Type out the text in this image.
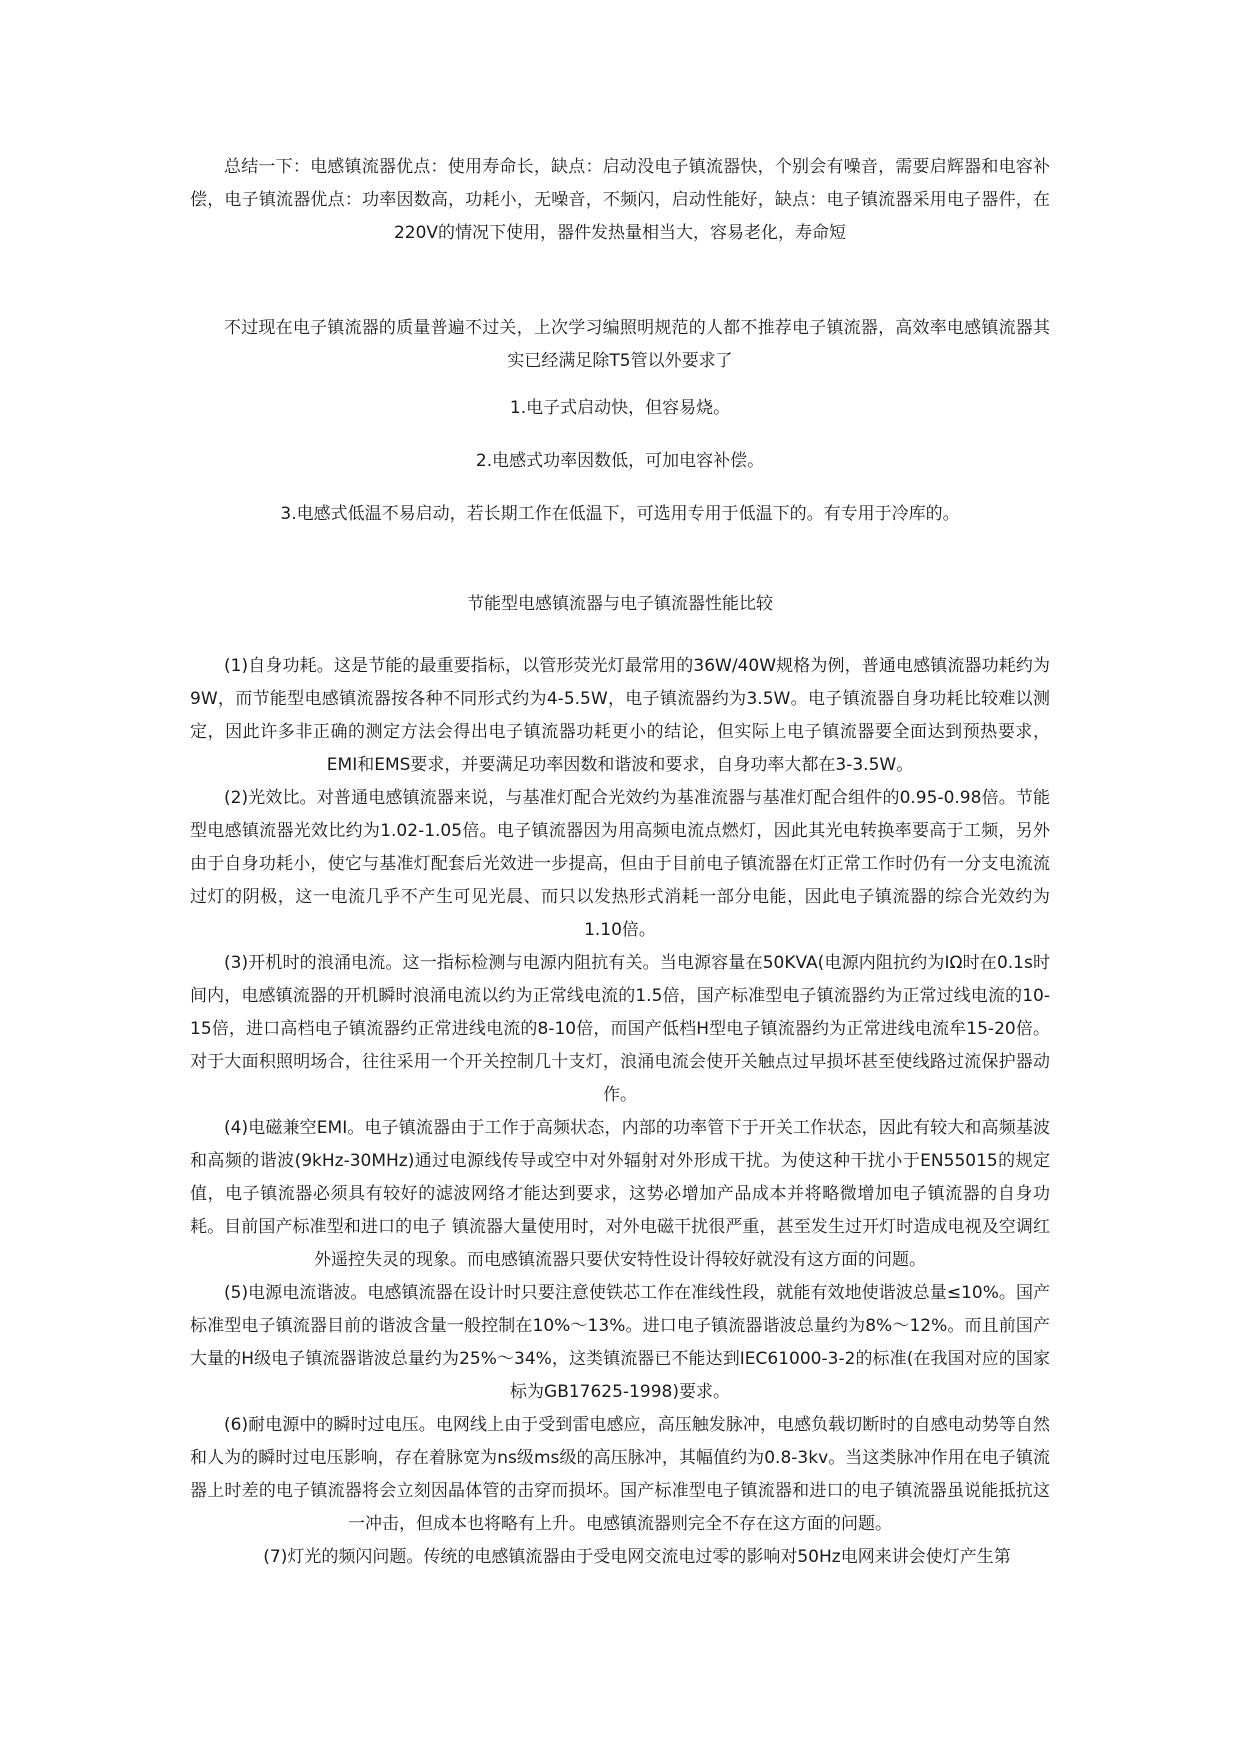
总结一下：电感镇流器优点：使用寿命长，缺点：启动没电子镇流器快，个别会有噪音，需要启辉器和电容补偿，电子镇流器优点：功率因数高，功耗小，无噪音，不频闪，启动性能好，缺点：电子镇流器采用电子器件，在220V的情况下使用，器件发热量相当大，容易老化，寿命短

不过现在电子镇流器的质量普遍不过关，上次学习编照明规范的人都不推荐电子镇流器，高效率电感镇流器其实已经满足除T5管以外要求了

1.电子式启动快，但容易烧。

2.电感式功率因数低，可加电容补偿。

3.电感式低温不易启动，若长期工作在低温下，可选用专用于低温下的。有专用于冷库的。

节能型电感镇流器与电子镇流器性能比较

(1)自身功耗。这是节能的最重要指标，以管形荧光灯最常用的36W/40W规格为例，普通电感镇流器功耗约为9W，而节能型电感镇流器按各种不同形式约为4-5.5W，电子镇流器约为3.5W。电子镇流器自身功耗比较难以测定，因此许多非正确的测定方法会得出电子镇流器功耗更小的结论，但实际上电子镇流器要全面达到预热要求，EMI和EMS要求，并要满足功率因数和谐波和要求，自身功率大都在3-3.5W。

(2)光效比。对普通电感镇流器来说，与基准灯配合光效约为基准流器与基准灯配合组件的0.95-0.98倍。节能型电感镇流器光效比约为1.02-1.05倍。电子镇流器因为用高频电流点燃灯，因此其光电转换率要高于工频，另外由于自身功耗小，使它与基准灯配套后光效进一步提高，但由于目前电子镇流器在灯正常工作时仍有一分支电流流过灯的阴极，这一电流几乎不产生可见光晨、而只以发热形式消耗一部分电能，因此电子镇流器的综合光效约为1.10倍。

(3)开机时的浪涌电流。这一指标检测与电源内阻抗有关。当电源容量在50KVA(电源内阻抗约为IΩ时在0.1s时间内，电感镇流器的开机瞬时浪涌电流以约为正常线电流的1.5倍，国产标准型电子镇流器约为正常过线电流的10-15倍，进口高档电子镇流器约正常进线电流的8-10倍，而国产低档H型电子镇流器约为正常进线电流牟15-20倍。对于大面积照明场合，往往采用一个开关控制几十支灯，浪涌电流会使开关触点过早损坏甚至使线路过流保护器动作。

(4)电磁兼空EMI。电子镇流器由于工作于高频状态，内部的功率管下于开关工作状态，因此有较大和高频基波和高频的谐波(9kHz-30MHz)通过电源线传导或空中对外辐射对外形成干扰。为使这种干扰小于EN55015的规定值，电子镇流器必须具有较好的滤波网络才能达到要求，这势必增加产品成本并将略微增加电子镇流器的自身功耗。目前国产标准型和进口的电子 镇流器大量使用时，对外电磁干扰很严重，甚至发生过开灯时造成电视及空调红外遥控失灵的现象。而电感镇流器只要伏安特性设计得较好就没有这方面的问题。

(5)电源电流谐波。电感镇流器在设计时只要注意使铁芯工作在准线性段，就能有效地使谐波总量≤10%。国产标准型电子镇流器目前的谐波含量一般控制在10%～13%。进口电子镇流器谐波总量约为8%～12%。而且前国产大量的H级电子镇流器谐波总量约为25%～34%，这类镇流器已不能达到IEC61000-3-2的标准(在我国对应的国家标为GB17625-1998)要求。

(6)耐电源中的瞬时过电压。电网线上由于受到雷电感应，高压触发脉冲，电感负载切断时的自感电动势等自然和人为的瞬时过电压影响，存在着脉宽为ns级ms级的高压脉冲，其幅值约为0.8-3kv。当这类脉冲作用在电子镇流器上时差的电子镇流器将会立刻因晶体管的击穿而损坏。国产标准型电子镇流器和进口的电子镇流器虽说能抵抗这一冲击，但成本也将略有上升。电感镇流器则完全不存在这方面的问题。

(7)灯光的频闪问题。传统的电感镇流器由于受电网交流电过零的影响对50Hz电网来讲会使灯产生第
